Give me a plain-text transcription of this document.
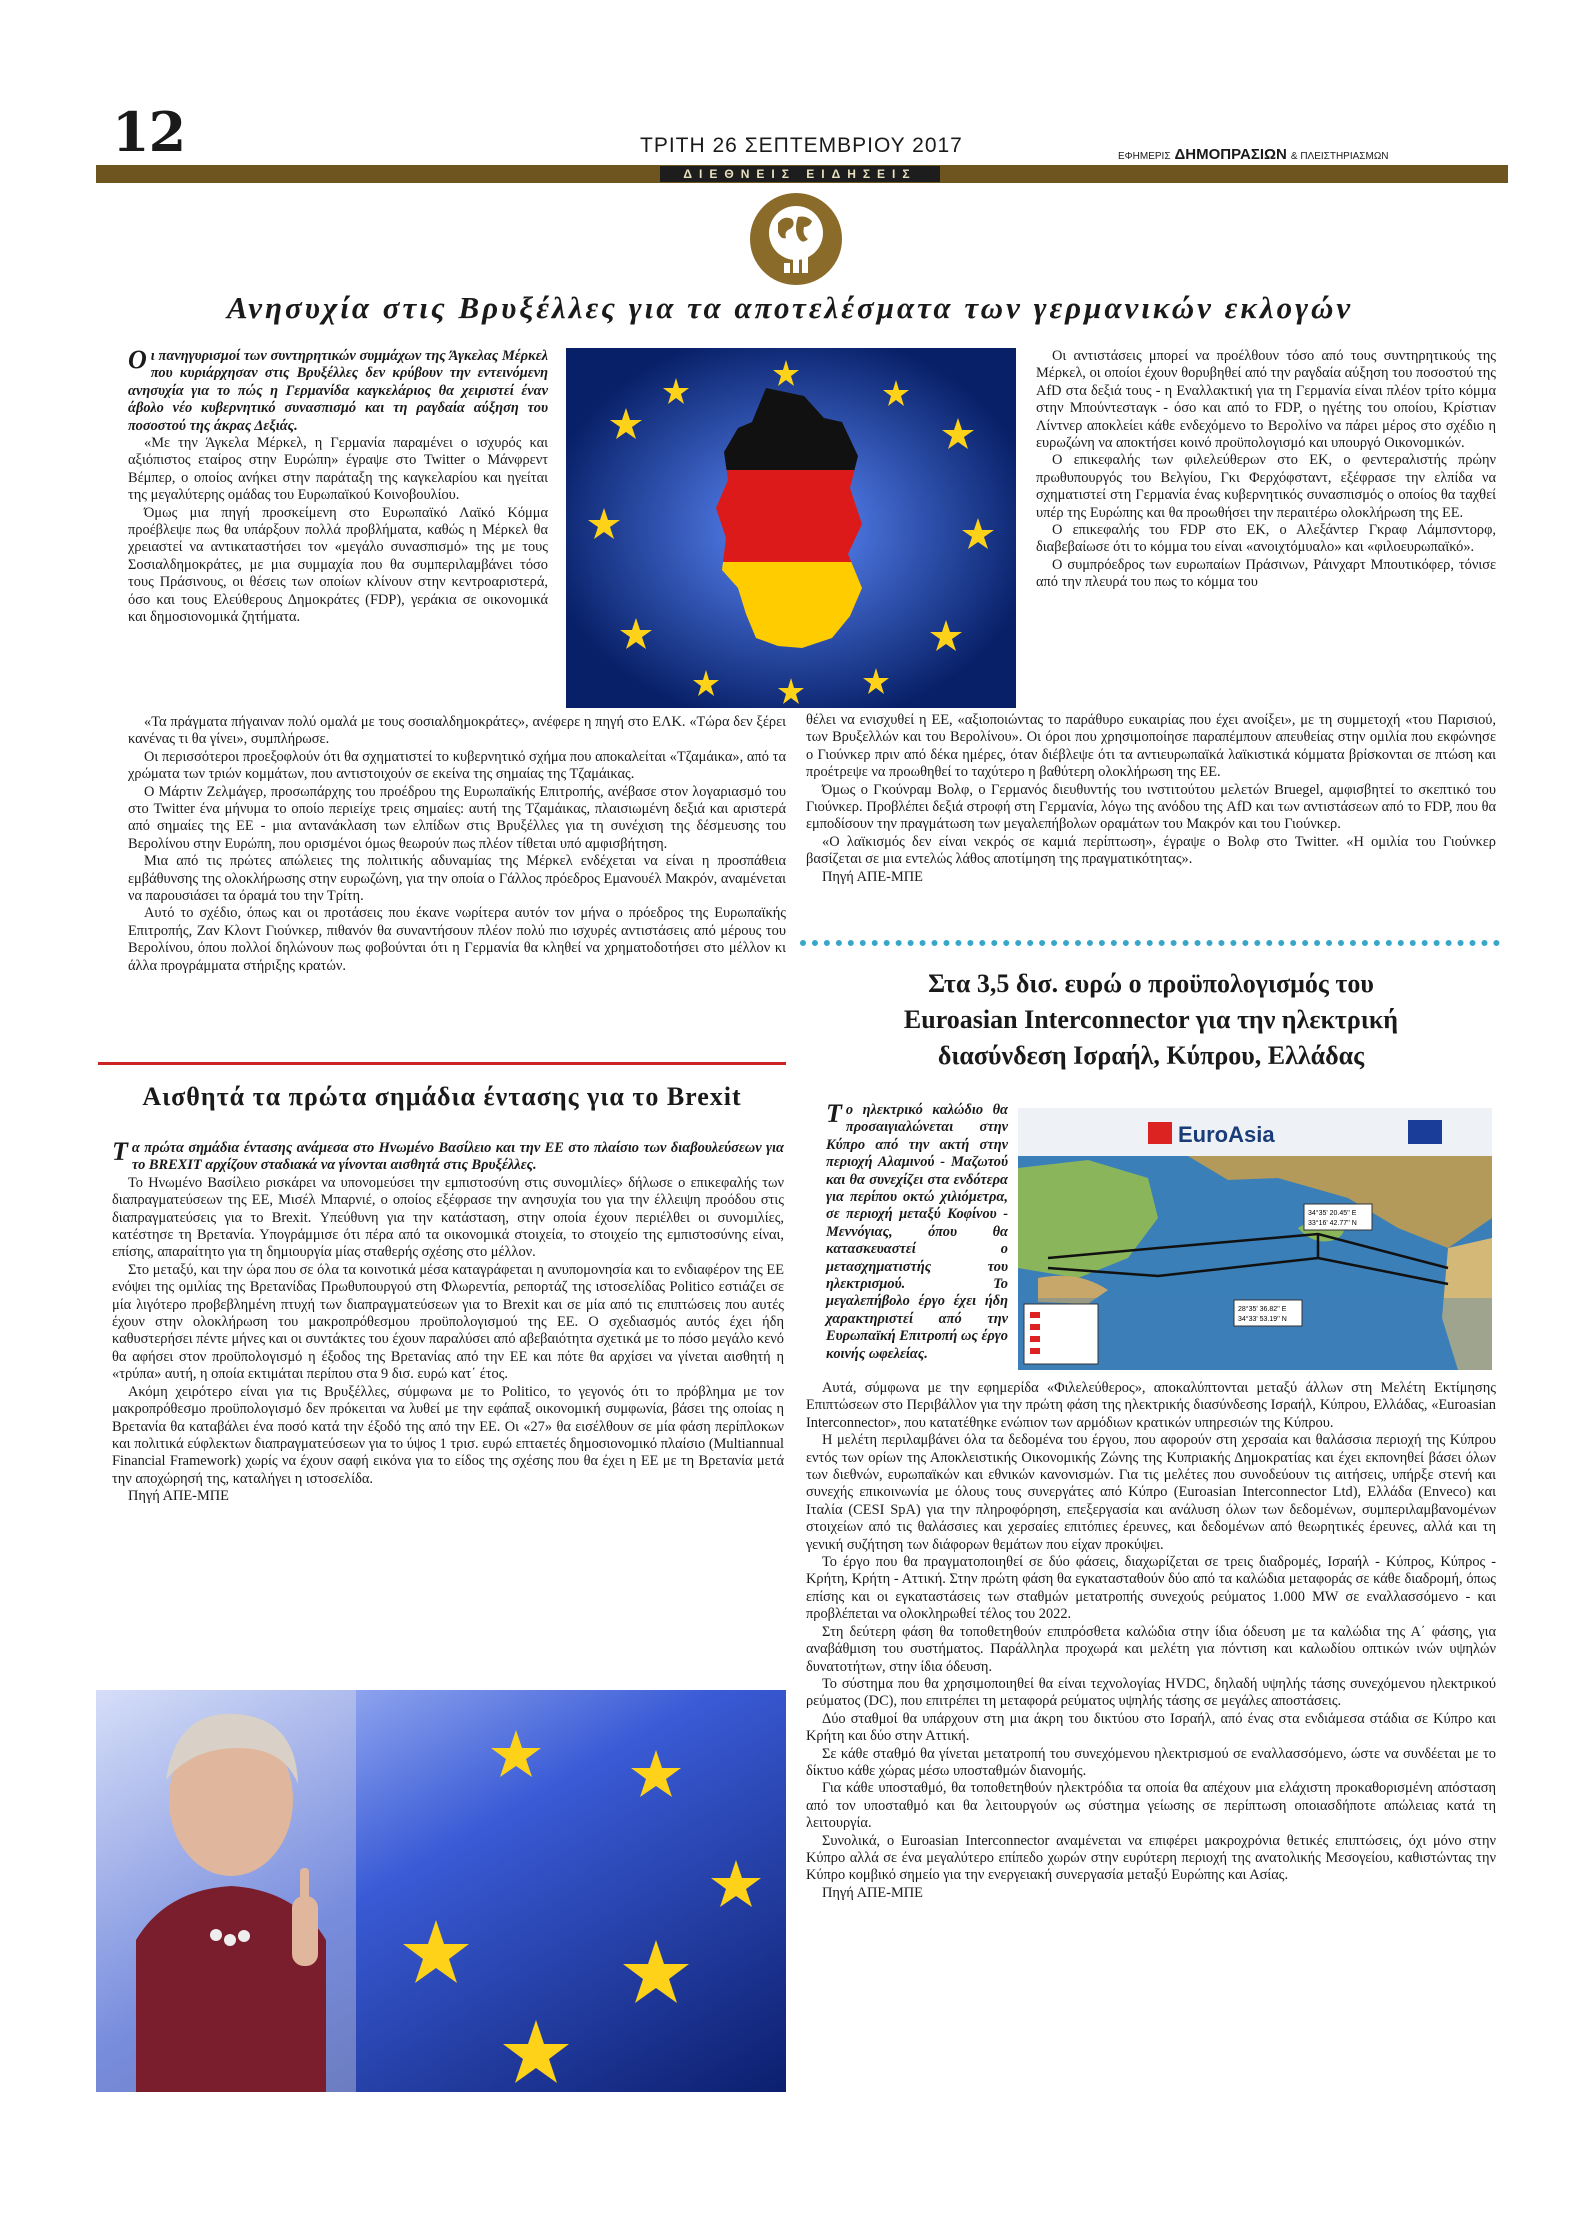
12	ΤΡΙΤΗ 26 ΣΕΠΤΕΜΒΡΙΟΥ 2017	ΕΦΗΜΕΡΙΣ ΔΗΜΟΠΡΑΣΙΩΝ & ΠΛΕΙΣΤΗΡΙΑΣΜΩΝ
ΔΙΕΘΝΕΙΣ ΕΙΔΗΣΕΙΣ
Ανησυχία στις Βρυξέλλες για τα αποτελέσματα των γερμανικών εκλογών

Οι πανηγυρισμοί των συντηρητικών συμμάχων της Άγκελας Μέρκελ που κυριάρχησαν στις Βρυξέλλες δεν κρύβουν την εντεινόμενη ανησυχία για το πώς η Γερμανίδα καγκελάριος θα χειριστεί έναν άβολο νέο κυβερνητικό συνασπισμό και τη ραγδαία αύξηση του ποσοστού της άκρας Δεξιάς.

«Με την Άγκελα Μέρκελ, η Γερμανία παραμένει ο ισχυρός και αξιόπιστος εταίρος στην Ευρώπη» έγραψε στο Twitter ο Μάνφρεντ Βέμπερ, ο οποίος ανήκει στην παράταξη της καγκελαρίου και ηγείται της μεγαλύτερης ομάδας του Ευρωπαϊκού Κοινοβουλίου.

Όμως μια πηγή προσκείμενη στο Ευρωπαϊκό Λαϊκό Κόμμα προέβλεψε πως θα υπάρξουν πολλά προβλήματα, καθώς η Μέρκελ θα χρειαστεί να αντικαταστήσει τον «μεγάλο συνασπισμό» της με τους Σοσιαλδημοκράτες, με μια συμμαχία που θα συμπεριλαμβάνει τόσο τους Πράσινους, οι θέσεις των οποίων κλίνουν στην κεντροαριστερά, όσο και τους Ελεύθερους Δημοκράτες (FDP), γεράκια σε οικονομικά και δημοσιονομικά ζητήματα.

«Τα πράγματα πήγαιναν πολύ ομαλά με τους σοσιαλδημοκράτες», ανέφερε η πηγή στο ΕΛΚ. «Τώρα δεν ξέρει κανένας τι θα γίνει», συμπλήρωσε.

Οι περισσότεροι προεξοφλούν ότι θα σχηματιστεί το κυβερνητικό σχήμα που αποκαλείται «Τζαμάικα», από τα χρώματα των τριών κομμάτων, που αντιστοιχούν σε εκείνα της σημαίας της Τζαμάικας.

Ο Μάρτιν Ζελμάγερ, προσωπάρχης του προέδρου της Ευρωπαϊκής Επιτροπής, ανέβασε στον λογαριασμό του στο Twitter ένα μήνυμα το οποίο περιείχε τρεις σημαίες: αυτή της Τζαμάικας, πλαισιωμένη δεξιά και αριστερά από σημαίες της ΕΕ - μια αντανάκλαση των ελπίδων στις Βρυξέλλες για τη συνέχιση της δέσμευσης του Βερολίνου στην Ευρώπη, που ορισμένοι όμως θεωρούν πως πλέον τίθεται υπό αμφισβήτηση.

Μια από τις πρώτες απώλειες της πολιτικής αδυναμίας της Μέρκελ ενδέχεται να είναι η προσπάθεια εμβάθυνσης της ολοκλήρωσης στην ευρωζώνη, για την οποία ο Γάλλος πρόεδρος Εμανουέλ Μακρόν, αναμένεται να παρουσιάσει τα όραμά του την Τρίτη.

Αυτό το σχέδιο, όπως και οι προτάσεις που έκανε νωρίτερα αυτόν τον μήνα ο πρόεδρος της Ευρωπαϊκής Επιτροπής, Ζαν Κλοντ Γιούνκερ, πιθανόν θα συναντήσουν πλέον πολύ πιο ισχυρές αντιστάσεις από μέρους του Βερολίνου, όπου πολλοί δηλώνουν πως φοβούνται ότι η Γερμανία θα κληθεί να χρηματοδοτήσει στο μέλλον κι άλλα προγράμματα στήριξης κρατών.

Οι αντιστάσεις μπορεί να προέλθουν τόσο από τους συντηρητικούς της Μέρκελ, οι οποίοι έχουν θορυβηθεί από την ραγδαία αύξηση του ποσοστού της AfD στα δεξιά τους - η Εναλλακτική για τη Γερμανία είναι πλέον τρίτο κόμμα στην Μπούντεσταγκ - όσο και από το FDP, ο ηγέτης του οποίου, Κρίστιαν Λίντνερ αποκλείει κάθε ενδεχόμενο το Βερολίνο να πάρει μέρος στο σχέδιο η ευρωζώνη να αποκτήσει κοινό προϋπολογισμό και υπουργό Οικονομικών.

Ο επικεφαλής των φιλελεύθερων στο ΕΚ, ο φεντεραλιστής πρώην πρωθυπουργός του Βελγίου, Γκι Φερχόφσταντ, εξέφρασε την ελπίδα να σχηματιστεί στη Γερμανία ένας κυβερνητικός συνασπισμός ο οποίος θα ταχθεί υπέρ της Ευρώπης και θα προωθήσει την περαιτέρω ολοκλήρωση της ΕΕ.

Ο επικεφαλής του FDP στο ΕΚ, ο Αλεξάντερ Γκραφ Λάμπσντορφ, διαβεβαίωσε ότι το κόμμα του είναι «ανοιχτόμυαλο» και «φιλοευρωπαϊκό».

Ο συμπρόεδρος των ευρωπαίων Πράσινων, Ράινχαρτ Μπουτικόφερ, τόνισε από την πλευρά του πως το κόμμα του

θέλει να ενισχυθεί η ΕΕ, «αξιοποιώντας το παράθυρο ευκαιρίας που έχει ανοίξει», με τη συμμετοχή «του Παρισιού, των Βρυξελλών και του Βερολίνου». Οι όροι που χρησιμοποίησε παραπέμπουν απευθείας στην ομιλία που εκφώνησε ο Γιούνκερ πριν από δέκα ημέρες, όταν διέβλεψε ότι τα αντιευρωπαϊκά λαϊκιστικά κόμματα βρίσκονται σε πτώση και προέτρεψε να προωθηθεί το ταχύτερο η βαθύτερη ολοκλήρωση της ΕΕ.

Όμως ο Γκούνραμ Βολφ, ο Γερμανός διευθυντής του ινστιτούτου μελετών Bruegel, αμφισβητεί το σκεπτικό του Γιούνκερ. Προβλέπει δεξιά στροφή στη Γερμανία, λόγω της ανόδου της AfD και των αντιστάσεων από το FDP, που θα εμποδίσουν την πραγμάτωση των μεγαλεπήβολων οραμάτων του Μακρόν και του Γιούνκερ.

«Ο λαϊκισμός δεν είναι νεκρός σε καμιά περίπτωση», έγραψε ο Βολφ στο Twitter. «Η ομιλία του Γιούνκερ βασίζεται σε μια εντελώς λάθος αποτίμηση της πραγματικότητας».

Πηγή ΑΠΕ-ΜΠΕ

Αισθητά τα πρώτα σημάδια έντασης για το Brexit

Τα πρώτα σημάδια έντασης ανάμεσα στο Ηνωμένο Βασίλειο και την ΕΕ στο πλαίσιο των διαβουλεύσεων για το BREXIT αρχίζουν σταδιακά να γίνονται αισθητά στις Βρυξέλλες.

Το Ηνωμένο Βασίλειο ρισκάρει να υπονομεύσει την εμπιστοσύνη στις συνομιλίες» δήλωσε ο επικεφαλής των διαπραγματεύσεων της ΕΕ, Μισέλ Μπαρνιέ, ο οποίος εξέφρασε την ανησυχία του για την έλλειψη προόδου στις διαπραγματεύσεις για το Brexit. Υπεύθυνη για την κατάσταση, στην οποία έχουν περιέλθει οι συνομιλίες, κατέστησε τη Βρετανία. Υπογράμμισε ότι πέρα από τα οικονομικά στοιχεία, το στοιχείο της εμπιστοσύνης είναι, επίσης, απαραίτητο για τη δημιουργία μίας σταθερής σχέσης στο μέλλον.

Στο μεταξύ, και την ώρα που σε όλα τα κοινοτικά μέσα καταγράφεται η ανυπομονησία και το ενδιαφέρον της ΕΕ ενόψει της ομιλίας της Βρετανίδας Πρωθυπουργού στη Φλωρεντία, ρεπορτάζ της ιστοσελίδας Politico εστιάζει σε μία λιγότερο προβεβλημένη πτυχή των διαπραγματεύσεων για το Brexit και σε μία από τις επιπτώσεις που αυτές έχουν στην ολοκλήρωση του μακροπρόθεσμου προϋπολογισμού της ΕΕ. Ο σχεδιασμός αυτός έχει ήδη καθυστερήσει πέντε μήνες και οι συντάκτες του έχουν παραλύσει από αβεβαιότητα σχετικά με το πόσο μεγάλο κενό θα αφήσει στον προϋπολογισμό η έξοδος της Βρετανίας από την ΕΕ και πότε θα αρχίσει να γίνεται αισθητή η «τρύπα» αυτή, η οποία εκτιμάται περίπου στα 9 δισ. ευρώ κατ΄ έτος.

Ακόμη χειρότερο είναι για τις Βρυξέλλες, σύμφωνα με το Politico, το γεγονός ότι το πρόβλημα με τον μακροπρόθεσμο προϋπολογισμό δεν πρόκειται να λυθεί με την εφάπαξ οικονομική συμφωνία, βάσει της οποίας η Βρετανία θα καταβάλει ένα ποσό κατά την έξοδό της από την ΕΕ. Οι «27» θα εισέλθουν σε μία φάση περίπλοκων και πολιτικά εύφλεκτων διαπραγματεύσεων για το ύψος 1 τρισ. ευρώ επταετές δημοσιονομικό πλαίσιο (Multiannual Financial Framework) χωρίς να έχουν σαφή εικόνα για το είδος της σχέσης που θα έχει η ΕΕ με τη Βρετανία μετά την αποχώρησή της, καταλήγει η ιστοσελίδα.

Πηγή ΑΠΕ-ΜΠΕ

Στα 3,5 δισ. ευρώ ο προϋπολογισμός του
Euroasian Interconnector για την ηλεκτρική
διασύνδεση Ισραήλ, Κύπρου, Ελλάδας

Το ηλεκτρικό καλώδιο θα προσαιγιαλώνεται στην Κύπρο από την ακτή στην περιοχή Αλαμινού - Μαζωτού και θα συνεχίζει στα ενδότερα για περίπου οκτώ χιλιόμετρα, σε περιοχή μεταξύ Κοφίνου - Μεννόγιας, όπου θα κατασκευαστεί ο μετασχηματιστής του ηλεκτρισμού. Το μεγαλεπήβολο έργο έχει ήδη χαρακτηριστεί από την Ευρωπαϊκή Επιτροπή ως έργο κοινής ωφελείας.

EuroAsia
34°35' 20.45'' E
33°16' 42.77'' N
28°35' 36.82'' E
34°33' 53.19'' N

Αυτά, σύμφωνα με την εφημερίδα «Φιλελεύθερος», αποκαλύπτονται μεταξύ άλλων στη Μελέτη Εκτίμησης Επιπτώσεων στο Περιβάλλον για την πρώτη φάση της ηλεκτρικής διασύνδεσης Ισραήλ, Κύπρου, Ελλάδας, «Euroasian Interconnector», που κατατέθηκε ενώπιον των αρμόδιων κρατικών υπηρεσιών της Κύπρου.

Η μελέτη περιλαμβάνει όλα τα δεδομένα του έργου, που αφορούν στη χερσαία και θαλάσσια περιοχή της Κύπρου εντός των ορίων της Αποκλειστικής Οικονομικής Ζώνης της Κυπριακής Δημοκρατίας και έχει εκπονηθεί βάσει όλων των διεθνών, ευρωπαϊκών και εθνικών κανονισμών. Για τις μελέτες που συνοδεύουν τις αιτήσεις, υπήρξε στενή και συνεχής επικοινωνία με όλους τους συνεργάτες από Κύπρο (Euroasian Interconnector Ltd), Ελλάδα (Enveco) και Ιταλία (CESI SpA) για την πληροφόρηση, επεξεργασία και ανάλυση όλων των δεδομένων, συμπεριλαμβανομένων στοιχείων από τις θαλάσσιες και χερσαίες επιτόπιες έρευνες, και δεδομένων από θεωρητικές έρευνες, αλλά και τη γενική συζήτηση των διάφορων θεμάτων που είχαν προκύψει.

Το έργο που θα πραγματοποιηθεί σε δύο φάσεις, διαχωρίζεται σε τρεις διαδρομές, Ισραήλ - Κύπρος, Κύπρος - Κρήτη, Κρήτη - Αττική. Στην πρώτη φάση θα εγκατασταθούν δύο από τα καλώδια μεταφοράς σε κάθε διαδρομή, όπως επίσης και οι εγκαταστάσεις των σταθμών μετατροπής συνεχούς ρεύματος 1.000 MW σε εναλλασσόμενο - και προβλέπεται να ολοκληρωθεί τέλος του 2022.

Στη δεύτερη φάση θα τοποθετηθούν επιπρόσθετα καλώδια στην ίδια όδευση με τα καλώδια της Α΄ φάσης, για αναβάθμιση του συστήματος. Παράλληλα προχωρά και μελέτη για πόντιση και καλωδίου οπτικών ινών υψηλών δυνατοτήτων, στην ίδια όδευση.

Το σύστημα που θα χρησιμοποιηθεί θα είναι τεχνολογίας HVDC, δηλαδή υψηλής τάσης συνεχόμενου ηλεκτρικού ρεύματος (DC), που επιτρέπει τη μεταφορά ρεύματος υψηλής τάσης σε μεγάλες αποστάσεις.

Δύο σταθμοί θα υπάρχουν στη μια άκρη του δικτύου στο Ισραήλ, από ένας στα ενδιάμεσα στάδια σε Κύπρο και Κρήτη και δύο στην Αττική.

Σε κάθε σταθμό θα γίνεται μετατροπή του συνεχόμενου ηλεκτρισμού σε εναλλασσόμενο, ώστε να συνδέεται με το δίκτυο κάθε χώρας μέσω υποσταθμών διανομής.

Για κάθε υποσταθμό, θα τοποθετηθούν ηλεκτρόδια τα οποία θα απέχουν μια ελάχιστη προκαθορισμένη απόσταση από τον υποσταθμό και θα λειτουργούν ως σύστημα γείωσης σε περίπτωση οποιασδήποτε απώλειας κατά τη λειτουργία.

Συνολικά, ο Euroasian Interconnector αναμένεται να επιφέρει μακροχρόνια θετικές επιπτώσεις, όχι μόνο στην Κύπρο αλλά σε ένα μεγαλύτερο επίπεδο χωρών στην ευρύτερη περιοχή της ανατολικής Μεσογείου, καθιστώντας την Κύπρο κομβικό σημείο για την ενεργειακή συνεργασία μεταξύ Ευρώπης και Ασίας.

Πηγή ΑΠΕ-ΜΠΕ
